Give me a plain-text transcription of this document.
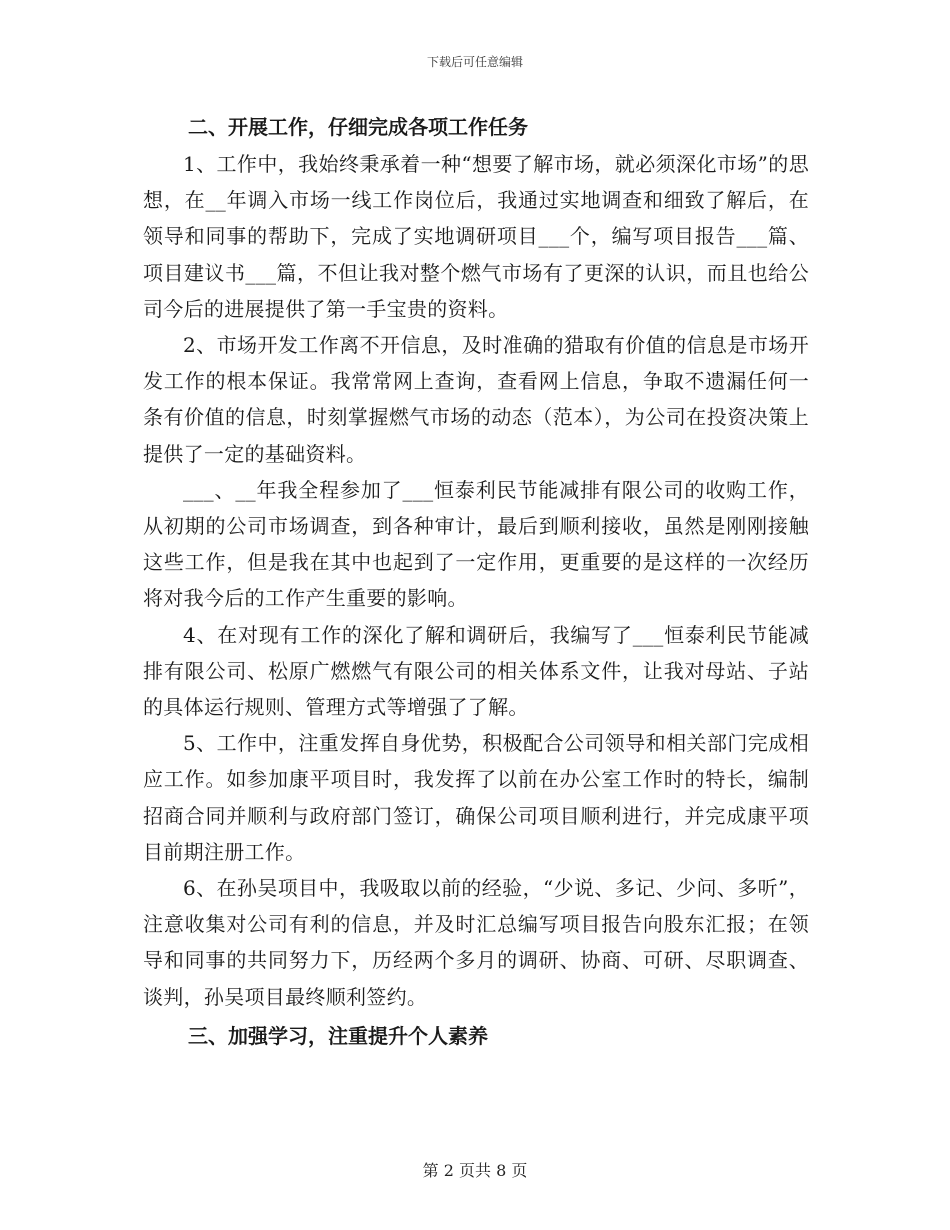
下载后可任意编辑
二、开展工作，仔细完成各项工作任务

1、工作中，我始终秉承着一种“想要了解市场，就必须深化市场”的思想，在__年调入市场一线工作岗位后，我通过实地调查和细致了解后，在领导和同事的帮助下，完成了实地调研项目___个，编写项目报告___篇、项目建议书___篇，不但让我对整个燃气市场有了更深的认识，而且也给公司今后的进展提供了第一手宝贵的资料。

2、市场开发工作离不开信息，及时准确的猎取有价值的信息是市场开发工作的根本保证。我常常网上查询，查看网上信息，争取不遗漏任何一条有价值的信息，时刻掌握燃气市场的动态（范本），为公司在投资决策上提供了一定的基础资料。

___、__年我全程参加了___恒泰利民节能减排有限公司的收购工作，从初期的公司市场调查，到各种审计，最后到顺利接收，虽然是刚刚接触这些工作，但是我在其中也起到了一定作用，更重要的是这样的一次经历将对我今后的工作产生重要的影响。

4、在对现有工作的深化了解和调研后，我编写了___恒泰利民节能减排有限公司、松原广燃燃气有限公司的相关体系文件，让我对母站、子站的具体运行规则、管理方式等增强了了解。

5、工作中，注重发挥自身优势，积极配合公司领导和相关部门完成相应工作。如参加康平项目时，我发挥了以前在办公室工作时的特长，编制招商合同并顺利与政府部门签订，确保公司项目顺利进行，并完成康平项目前期注册工作。

6、在孙吴项目中，我吸取以前的经验，“少说、多记、少问、多听”，注意收集对公司有利的信息，并及时汇总编写项目报告向股东汇报；在领导和同事的共同努力下，历经两个多月的调研、协商、可研、尽职调查、谈判，孙吴项目最终顺利签约。

三、加强学习，注重提升个人素养
第 2 页共 8 页
